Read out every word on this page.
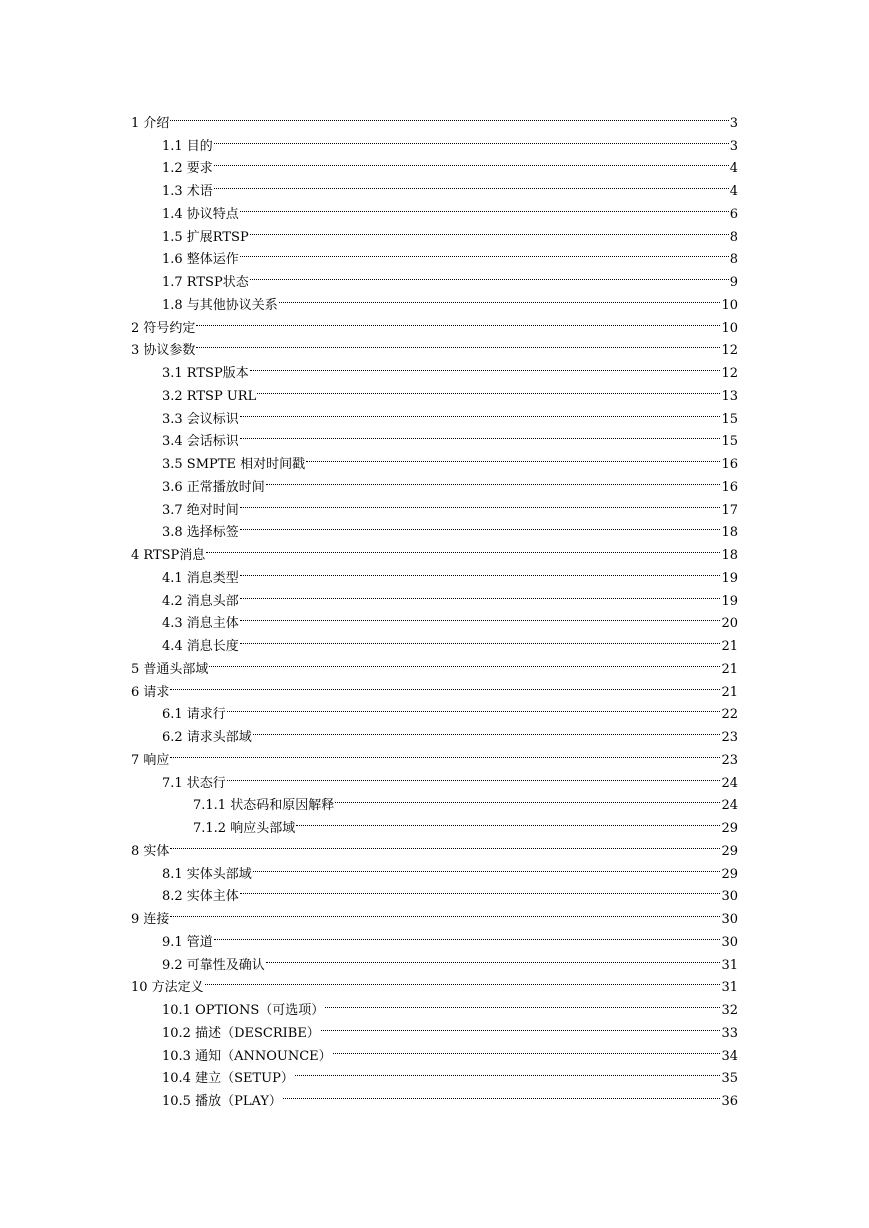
1 介绍	3
1.1 目的	3
1.2 要求	4
1.3 术语	4
1.4 协议特点	6
1.5 扩展RTSP	8
1.6 整体运作	8
1.7 RTSP状态	9
1.8 与其他协议关系	10
2 符号约定	10
3 协议参数	12
3.1 RTSP版本	12
3.2 RTSP URL	13
3.3 会议标识	15
3.4 会话标识	15
3.5 SMPTE 相对时间戳	16
3.6 正常播放时间	16
3.7 绝对时间	17
3.8 选择标签	18
4 RTSP消息	18
4.1 消息类型	19
4.2 消息头部	19
4.3 消息主体	20
4.4 消息长度	21
5 普通头部域	21
6 请求	21
6.1 请求行	22
6.2 请求头部域	23
7 响应	23
7.1 状态行	24
7.1.1 状态码和原因解释	24
7.1.2 响应头部域	29
8 实体	29
8.1 实体头部域	29
8.2 实体主体	30
9 连接	30
9.1 管道	30
9.2 可靠性及确认	31
10 方法定义	31
10.1 OPTIONS（可选项）	32
10.2 描述（DESCRIBE）	33
10.3 通知（ANNOUNCE）	34
10.4 建立（SETUP）	35
10.5 播放（PLAY）	36
